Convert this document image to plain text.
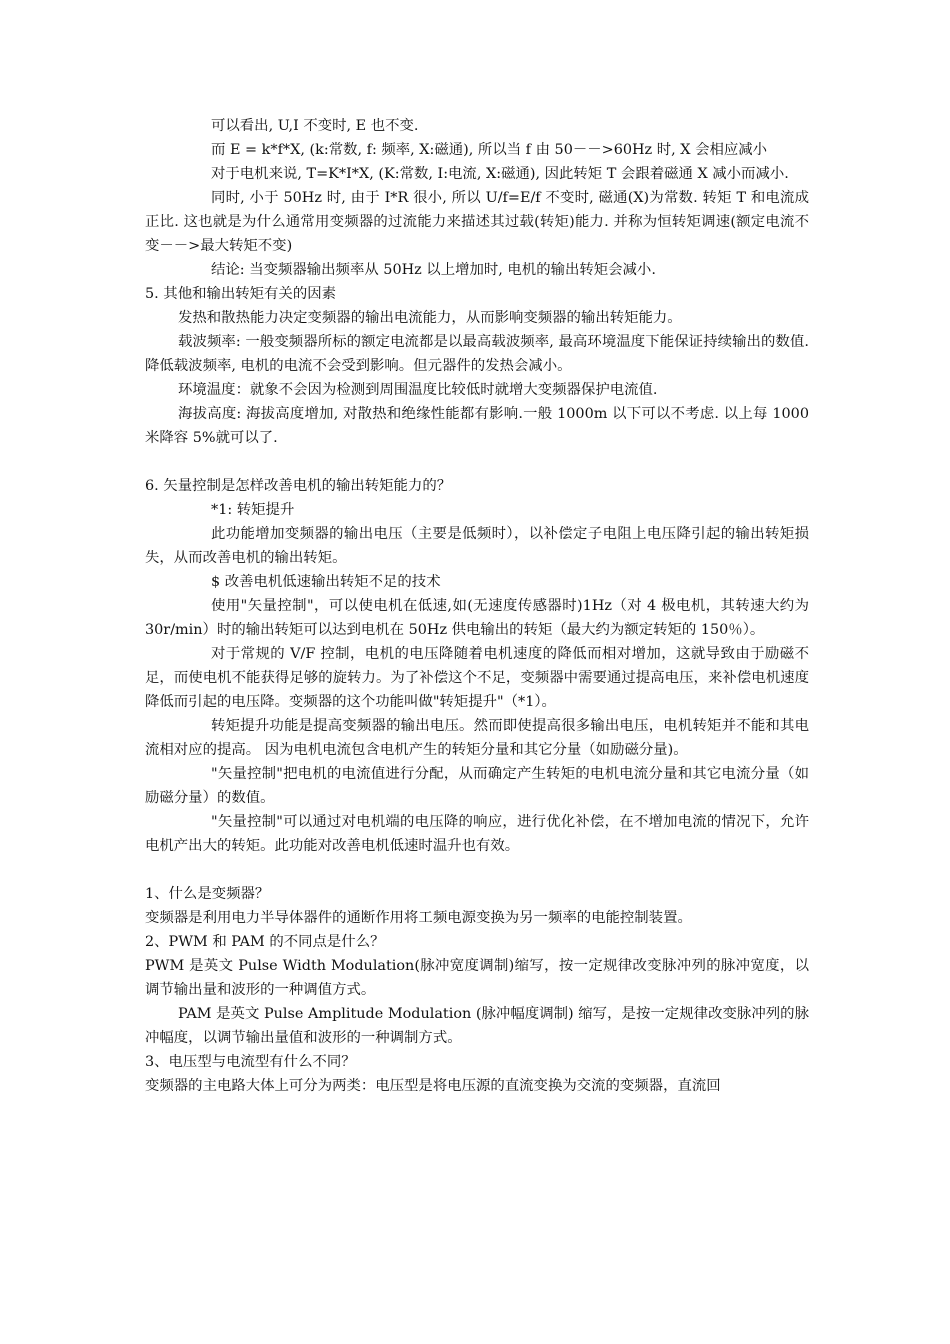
可以看出, U,I 不变时, E 也不变.

而 E = k*f*X, (k:常数, f: 频率, X:磁通), 所以当 f 由 50－－>60Hz 时, X 会相应减小

对于电机来说, T=K*I*X, (K:常数, I:电流, X:磁通), 因此转矩 T 会跟着磁通 X 减小而减小.

同时, 小于 50Hz 时, 由于 I*R 很小, 所以 U/f=E/f 不变时, 磁通(X)为常数. 转矩 T 和电流成正比. 这也就是为什么通常用变频器的过流能力来描述其过载(转矩)能力. 并称为恒转矩调速(额定电流不变－－>最大转矩不变)

结论: 当变频器输出频率从 50Hz 以上增加时, 电机的输出转矩会减小.

5. 其他和输出转矩有关的因素

发热和散热能力决定变频器的输出电流能力，从而影响变频器的输出转矩能力。

载波频率: 一般变频器所标的额定电流都是以最高载波频率, 最高环境温度下能保证持续输出的数值. 降低载波频率, 电机的电流不会受到影响。但元器件的发热会减小。

环境温度：就象不会因为检测到周围温度比较低时就增大变频器保护电流值.

海拔高度: 海拔高度增加, 对散热和绝缘性能都有影响.一般 1000m 以下可以不考虑. 以上每 1000 米降容 5%就可以了.

6. 矢量控制是怎样改善电机的输出转矩能力的？

*1: 转矩提升

此功能增加变频器的输出电压（主要是低频时），以补偿定子电阻上电压降引起的输出转矩损失，从而改善电机的输出转矩。

$ 改善电机低速输出转矩不足的技术

使用"矢量控制"，可以使电机在低速,如(无速度传感器时)1Hz（对 4 极电机，其转速大约为 30r/min）时的输出转矩可以达到电机在 50Hz 供电输出的转矩（最大约为额定转矩的 150％）。

对于常规的 V/F 控制，电机的电压降随着电机速度的降低而相对增加，这就导致由于励磁不足，而使电机不能获得足够的旋转力。为了补偿这个不足，变频器中需要通过提高电压，来补偿电机速度降低而引起的电压降。变频器的这个功能叫做"转矩提升"（*1）。

转矩提升功能是提高变频器的输出电压。然而即使提高很多输出电压，电机转矩并不能和其电流相对应的提高。 因为电机电流包含电机产生的转矩分量和其它分量（如励磁分量)。

"矢量控制"把电机的电流值进行分配，从而确定产生转矩的电机电流分量和其它电流分量（如励磁分量）的数值。

"矢量控制"可以通过对电机端的电压降的响应，进行优化补偿，在不增加电流的情况下，允许电机产出大的转矩。此功能对改善电机低速时温升也有效。

1、什么是变频器？

变频器是利用电力半导体器件的通断作用将工频电源变换为另一频率的电能控制装置。

2、PWM 和 PAM 的不同点是什么？

PWM 是英文 Pulse Width Modulation(脉冲宽度调制)缩写，按一定规律改变脉冲列的脉冲宽度，以调节输出量和波形的一种调值方式。

PAM 是英文 Pulse Amplitude Modulation (脉冲幅度调制) 缩写，是按一定规律改变脉冲列的脉冲幅度，以调节输出量值和波形的一种调制方式。

3、电压型与电流型有什么不同？

变频器的主电路大体上可分为两类：电压型是将电压源的直流变换为交流的变频器，直流回
